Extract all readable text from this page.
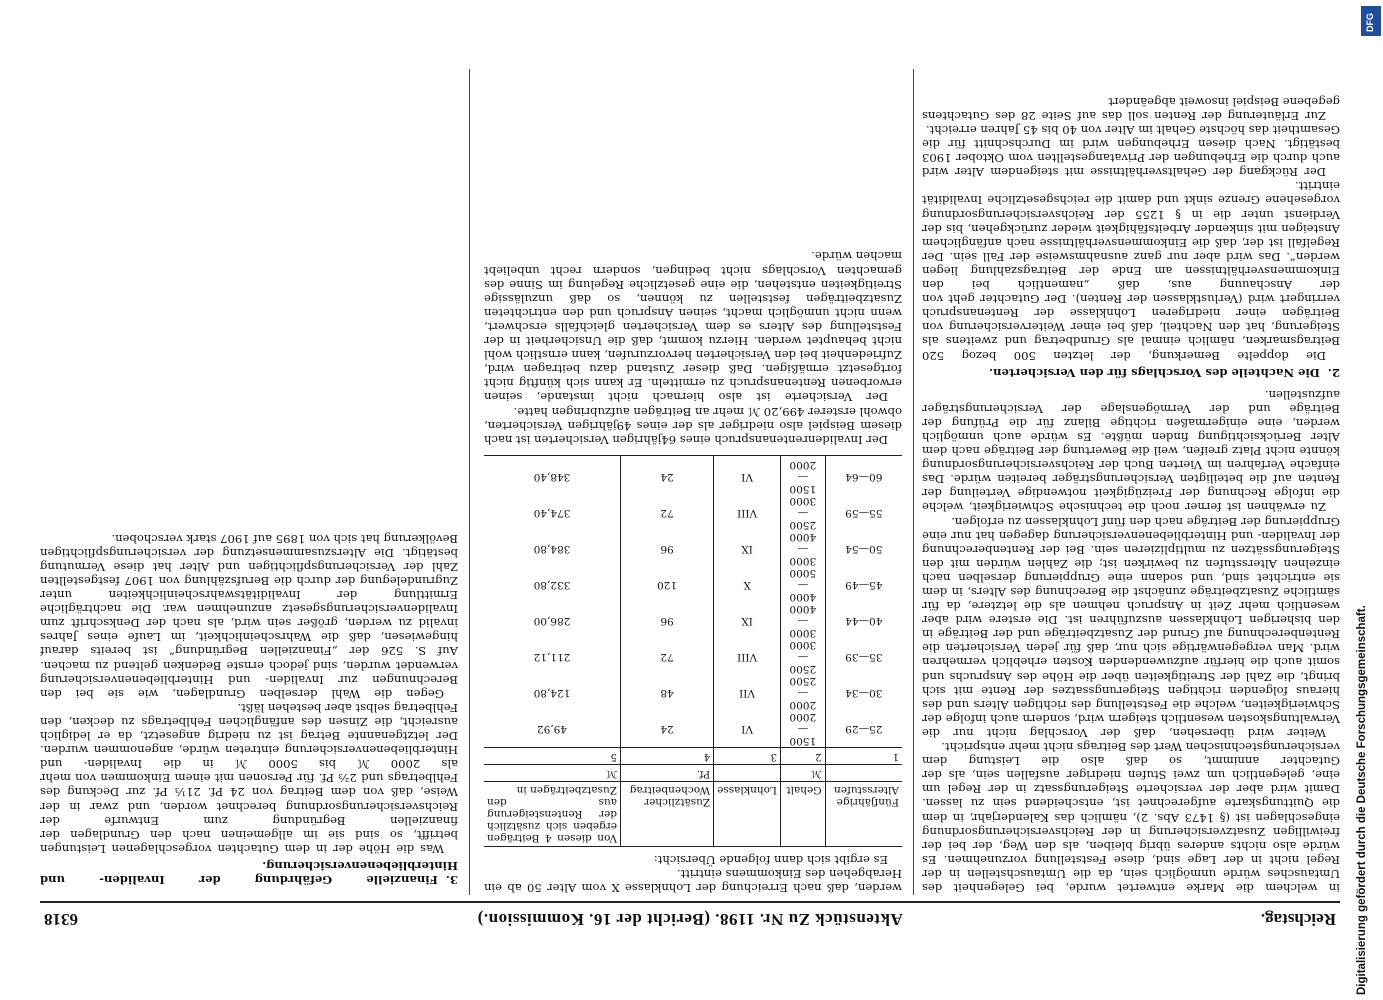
Reichstag.
Aktenstück Zu Nr. 1198. (Bericht der 16. Kommission.)
6318

in welchem die Marke entwertet wurde, bei Gelegenheit des Umtausches würde unmöglich sein, da die Umtauschstellen in der Regel nicht in der Lage sind, diese Feststellung vorzunehmen. Es würde also nichts anderes übrig bleiben, als den Weg, der bei der freiwilligen Zusatzversicherung in der Reichsversicherungsordnung eingeschlagen ist (§ 1473 Abs. 2), nämlich das Kalenderjahr, in dem die Quittungskarte aufgerechnet ist, entscheidend sein zu lassen. Damit wird aber der versicherte Steigerungssatz in der Regel um eine, gelegentlich um zwei Stufen niedriger ausfallen sein, als der Gutachter annimmt, so daß also die Leistung dem versicherungstechnischen Wert des Beitrags nicht mehr entspricht.

Weiter wird übersehen, daß der Vorschlag nicht nur die Verwaltungskosten wesentlich steigern wird, sondern auch infolge der Schwierigkeiten, welche die Feststellung des richtigen Alters und des hieraus folgenden richtigen Steigerungssatzes der Rente mit sich bringt, die Zahl der Streitigkeiten über die Höhe des Anspruchs und somit auch die hierfür aufzuwendenden Kosten erheblich vermehren wird. Man vergegenwärtige sich nur, daß für jeden Versicherten die Rentenberechnung auf Grund der Zusatzbeiträge und der Beiträge in den bisherigen Lohnklassen auszuführen ist. Die erstere wird aber wesentlich mehr Zeit in Anspruch nehmen als die letztere, da für sämtliche Zusatzbeiträge zunächst die Berechnung des Alters, in dem sie entrichtet sind, und sodann eine Gruppierung derselben nach einzelnen Altersstufen zu bewirken ist; die Zahlen würden mit den Steigerungssätzen zu multiplizieren sein. Bei der Rentenberechnung der Invaliden- und Hinterbliebenenversicherung dagegen hat nur eine Gruppierung der Beiträge nach den fünf Lohnklassen zu erfolgen.

Zu erwähnen ist ferner noch die technische Schwierigkeit, welche die infolge Rechnung der Freizügigkeit notwendige Verteilung der Renten auf die beteiligten Versicherungsträger bereiten würde. Das einfache Verfahren im Vierten Buch der Reichsversicherungsordnung könnte nicht Platz greifen, weil die Bewertung der Beiträge nach dem Alter Berücksichtigung finden müßte. Es würde auch unmöglich werden, eine einigermaßen richtige Bilanz für die Prüfung der Beiträge und der Vermögenslage der Versicherungsträger aufzustellen.

2.Die Nachteile des Vorschlags für den Versicherten.

Die doppelte Bemerkung, der letzten 500 bezog 520 Beitragsmarken, nämlich einmal als Grundbetrag und zweitens als Steigerung, hat den Nachteil, daß bei einer Weiterversicherung von Beiträgen einer niedrigeren Lohnklasse der Rentenanspruch verringert wird (Verlustklassen der Renten). Der Gutachter geht von der Anschauung aus, daß „namentlich bei den Einkommensverhältnissen am Ende der Beitragszahlung liegen werden“. Das wird aber nur ganz ausnahmsweise der Fall sein. Der Regelfall ist der, daß die Einkommensverhältnisse nach anfänglichem Ansteigen mit sinkender Arbeitsfähigkeit wieder zurückgehen, bis der Verdienst unter die in § 1255 der Reichsversicherungsordnung vorgesehene Grenze sinkt und damit die reichsgesetzliche Invalidität eintritt.

Der Rückgang der Gehaltsverhältnisse mit steigendem Alter wird auch durch die Erhebungen der Privatangestellten vom Oktober 1903 bestätigt. Nach diesen Erhebungen wird im Durchschnitt für die Gesamtheit das höchste Gehalt im Alter von 40 bis 45 Jahren erreicht.

Zur Erläuterung der Renten soll das auf Seite 28 des Gutachtens gegebene Beispiel insoweit abgeändert

werden, daß nach Erreichung der Lohnklasse X vom Alter 50 ab ein Herabgehen des Einkommens eintritt.

Es ergibt sich dann folgende Übersicht:

Fünfjährige Altersstufen	Gehalt	Lohnklasse	Zusätzlicher Wochenbeitrag	Von diesen 4 Beiträgen ergeben sich zusätzlich der Rentensteigerung aus den Zusatzbeiträgen in
	ℳ		Pf.	ℳ
1	2	3	4	5
25—29	1500—2000	VI	24	49,92
30—34	2000—2500	VII	48	124,80
35—39	2500—3000	VIII	72	211,12
40—44	3000—4000	IX	96	286,00
45—49	4000—5000	X	120	332,80
50—54	3000—4000	IX	96	384,80
55—59	2500—3000	VIII	72	374,40
60—64	1500—2000	VI	24	348,40

Der Invalidenrentenanspruch eines 64jährigen Versicherten ist nach diesem Beispiel also niedriger als der eines 49jährigen Versicherten, obwohl ersterer 499,20 ℳ mehr an Beiträgen aufzubringen hatte.

Der Versicherte ist also hiernach nicht imstande, seinen erworbenen Rentenanspruch zu ermitteln. Er kann sich künftig nicht fortgesetzt ermäßigen. Daß dieser Zustand dazu beitragen wird, Zufriedenheit bei den Versicherten hervorzurufen, kann ernstlich wohl nicht behauptet werden. Hierzu kommt, daß die Unsicherheit in der Feststellung des Alters es dem Versicherten gleichfalls erschwert, wenn nicht unmöglich macht, seinen Anspruch und den entrichteten Zusatzbeiträgen feststellen zu können, so daß unzulässige Streitigkeiten entstehen, die eine gesetzliche Regelung im Sinne des gemachten Vorschlags nicht bedingen, sondern recht unbeliebt machen würde.

3.Finanzielle Gefährdung der Invaliden- und Hinterbliebenenversicherung.

Was die Höhe der in dem Gutachten vorgeschlagenen Leistungen betrifft, so sind sie im allgemeinen nach den Grundlagen der finanziellen Begründung zum Entwurfe der Reichsversicherungsordnung berechnet worden, und zwar in der Weise, daß von dem Beitrag von 24 Pf. 21⅓ Pf. zur Deckung des Fehlbetrags und 2⅔ Pf. für Personen mit einem Einkommen von mehr als 2000 ℳ bis 5000 ℳ in die Invaliden- und Hinterbliebenenversicherung eintreten würde, angenommen wurden. Der letztgenannte Betrag ist zu niedrig angesetzt, da er lediglich ausreicht, die Zinsen des anfänglichen Fehlbetrags zu decken, den Fehlbetrag selbst aber bestehen läßt.

Gegen die Wahl derselben Grundlagen, wie sie bei den Berechnungen zur Invaliden- und Hinterbliebenenversicherung verwendet wurden, sind jedoch ernste Bedenken geltend zu machen. Auf S. 526 der „Finanziellen Begründung“ ist bereits darauf hingewiesen, daß die Wahrscheinlichkeit, im Laufe eines Jahres invalid zu werden, größer sein wird, als nach der Denkschrift zum Invalidenversicherungsgesetz anzunehmen war. Die nachträgliche Ermittlung der Invaliditätswahrscheinlichkeiten unter Zugrundelegung der durch die Berufszählung von 1907 festgestellten Zahl der Versicherungspflichtigen und Alter hat diese Vermutung bestätigt. Die Alterszusammensetzung der versicherungspflichtigen Bevölkerung hat sich von 1895 auf 1907 stark verschoben.

Digitalisierung gefördert durch die Deutsche Forschungsgemeinschaft.
DFG
